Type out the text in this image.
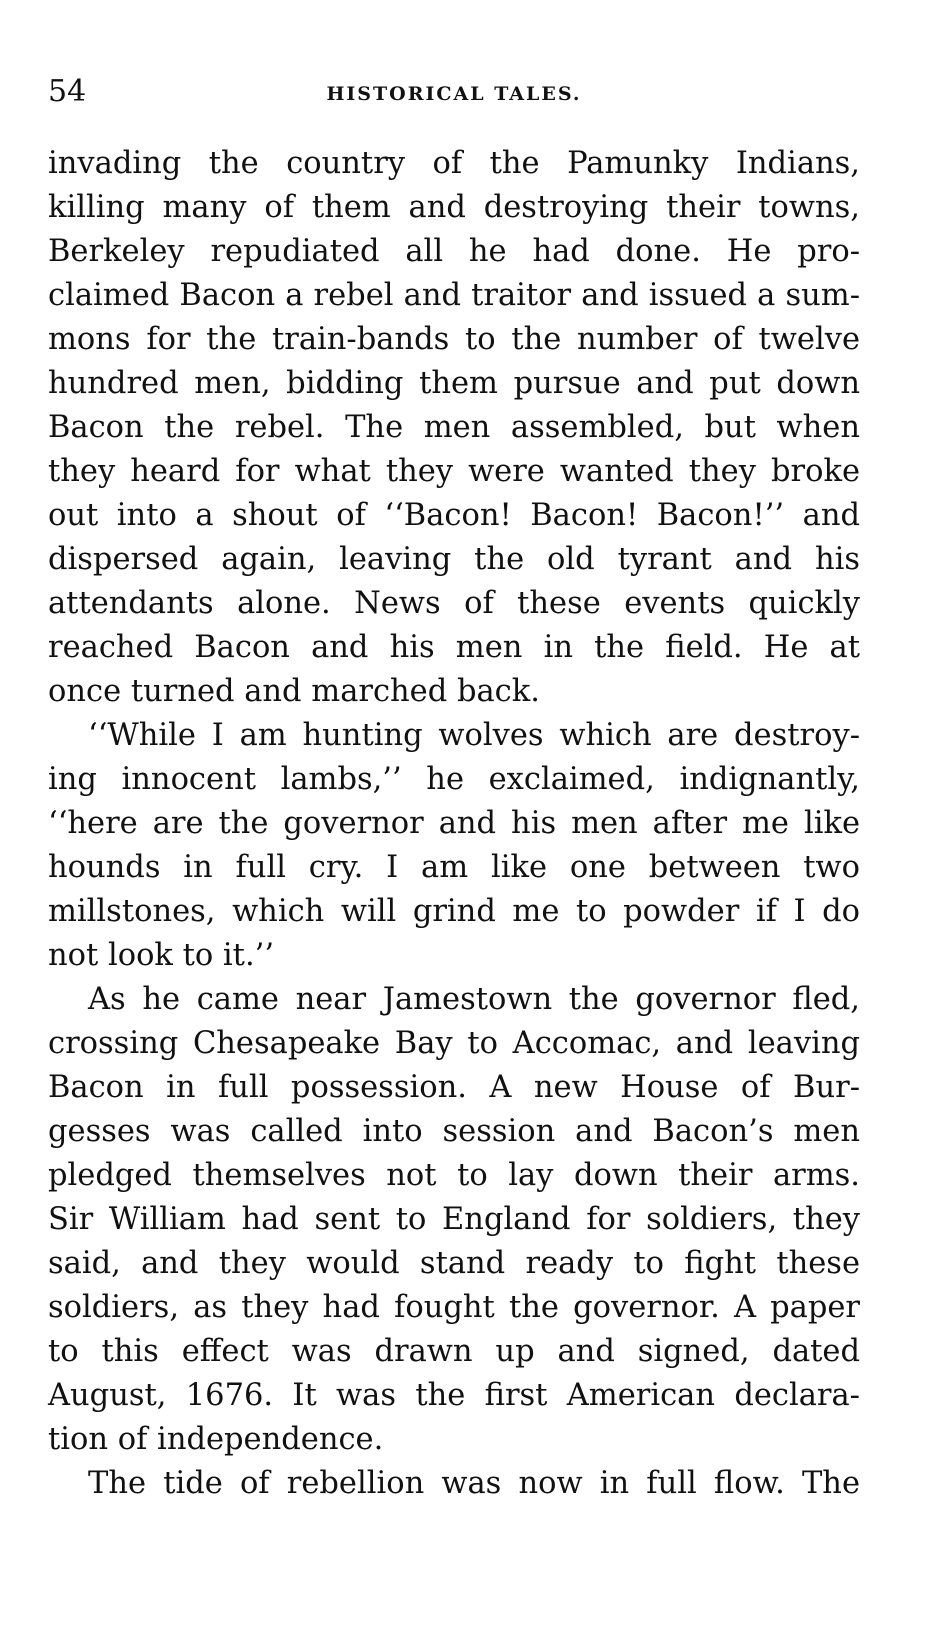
54	HISTORICAL TALES.
invading the country of the Pamunky Indians,
killing many of them and destroying their towns,
Berkeley repudiated all he had done. He pro-
claimed Bacon a rebel and traitor and issued a sum-
mons for the train-bands to the number of twelve
hundred men, bidding them pursue and put down
Bacon the rebel. The men assembled, but when
they heard for what they were wanted they broke
out into a shout of ‘‘Bacon! Bacon! Bacon!’’ and
dispersed again, leaving the old tyrant and his
attendants alone. News of these events quickly
reached Bacon and his men in the field. He at
once turned and marched back.
‘‘While I am hunting wolves which are destroy-
ing innocent lambs,’’ he exclaimed, indignantly,
‘‘here are the governor and his men after me like
hounds in full cry. I am like one between two
millstones, which will grind me to powder if I do
not look to it.’’
As he came near Jamestown the governor fled,
crossing Chesapeake Bay to Accomac, and leaving
Bacon in full possession. A new House of Bur-
gesses was called into session and Bacon’s men
pledged themselves not to lay down their arms.
Sir William had sent to England for soldiers, they
said, and they would stand ready to fight these
soldiers, as they had fought the governor. A paper
to this effect was drawn up and signed, dated
August, 1676. It was the first American declara-
tion of independence.
The tide of rebellion was now in full flow. The
